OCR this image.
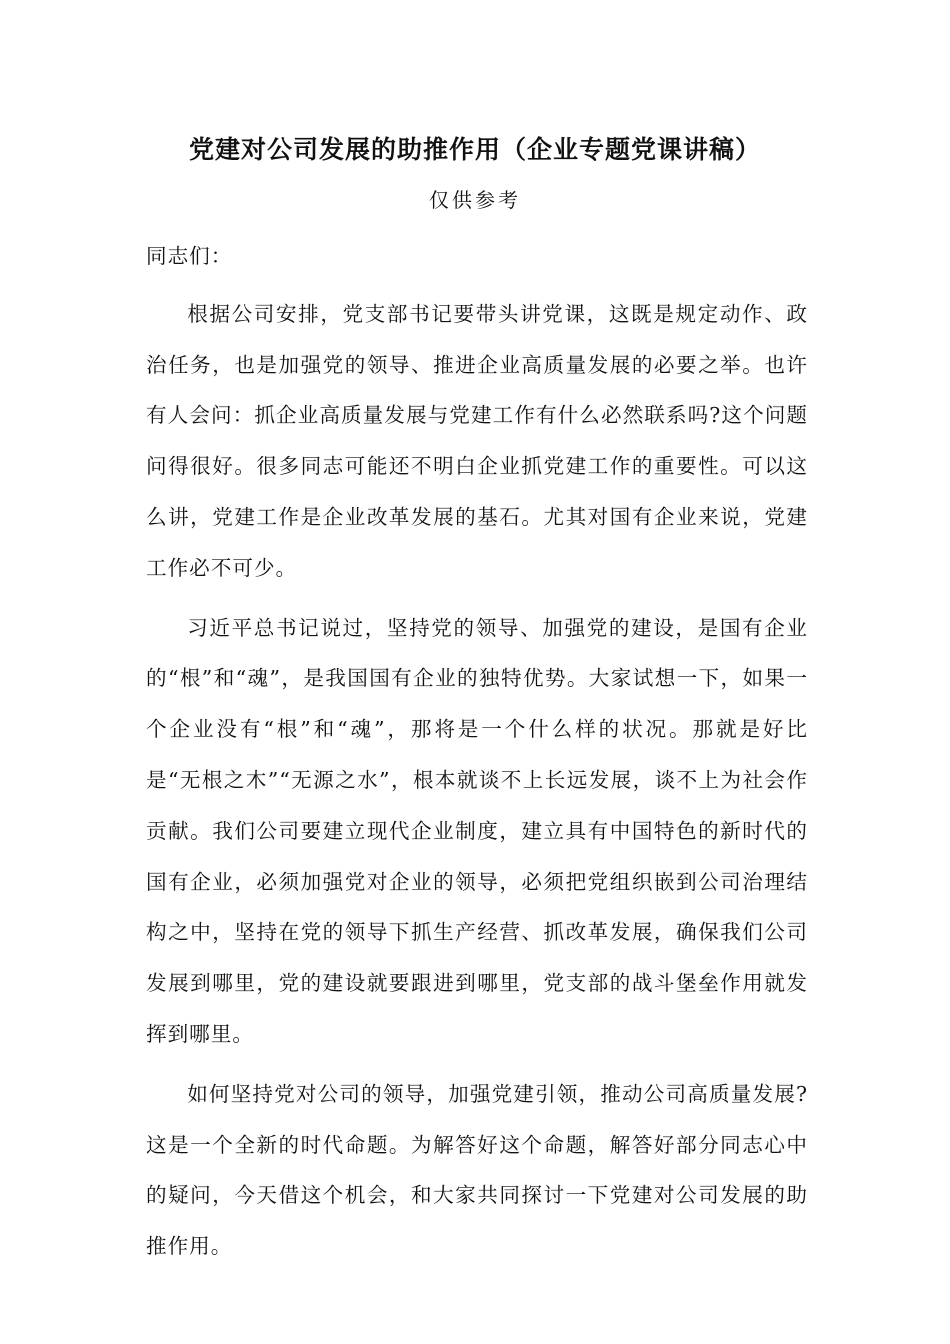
党建对公司发展的助推作用（企业专题党课讲稿）
仅供参考

同志们：

根据公司安排，党支部书记要带头讲党课，这既是规定动作、政治任务，也是加强党的领导、推进企业高质量发展的必要之举。也许有人会问：抓企业高质量发展与党建工作有什么必然联系吗?这个问题问得很好。很多同志可能还不明白企业抓党建工作的重要性。可以这么讲，党建工作是企业改革发展的基石。尤其对国有企业来说，党建工作必不可少。

习近平总书记说过，坚持党的领导、加强党的建设，是国有企业的“根”和“魂”，是我国国有企业的独特优势。大家试想一下，如果一个企业没有“根”和“魂”，那将是一个什么样的状况。那就是好比是“无根之木”“无源之水”，根本就谈不上长远发展，谈不上为社会作贡献。我们公司要建立现代企业制度，建立具有中国特色的新时代的国有企业，必须加强党对企业的领导，必须把党组织嵌到公司治理结构之中，坚持在党的领导下抓生产经营、抓改革发展，确保我们公司发展到哪里，党的建设就要跟进到哪里，党支部的战斗堡垒作用就发挥到哪里。

如何坚持党对公司的领导，加强党建引领，推动公司高质量发展?这是一个全新的时代命题。为解答好这个命题，解答好部分同志心中的疑问，今天借这个机会，和大家共同探讨一下党建对公司发展的助推作用。
